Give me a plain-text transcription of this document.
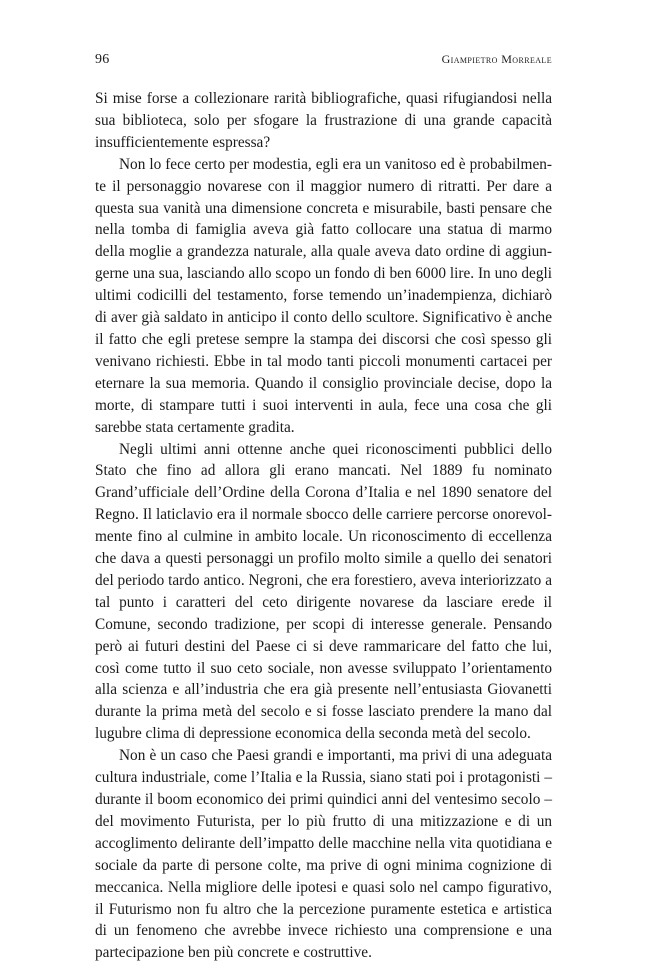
96	Giampietro Morreale

Si mise forse a collezionare rarità bibliografiche, quasi rifugiandosi nella sua biblioteca, solo per sfogare la frustrazione di una grande capacità insufficientemente espressa?

Non lo fece certo per modestia, egli era un vanitoso ed è probabilmente il personaggio novarese con il maggior numero di ritratti. Per dare a questa sua vanità una dimensione concreta e misurabile, basti pensare che nella tomba di famiglia aveva già fatto collocare una statua di marmo della moglie a grandezza naturale, alla quale aveva dato ordine di aggiungerne una sua, lasciando allo scopo un fondo di ben 6000 lire. In uno degli ultimi codicilli del testamento, forse temendo un’inadempienza, dichiarò di aver già saldato in anticipo il conto dello scultore. Significativo è anche il fatto che egli pretese sempre la stampa dei discorsi che così spesso gli venivano richiesti. Ebbe in tal modo tanti piccoli monumenti cartacei per eternare la sua memoria. Quando il consiglio provinciale decise, dopo la morte, di stampare tutti i suoi interventi in aula, fece una cosa che gli sarebbe stata certamente gradita.

Negli ultimi anni ottenne anche quei riconoscimenti pubblici dello Stato che fino ad allora gli erano mancati. Nel 1889 fu nominato Grand’ufficiale dell’Ordine della Corona d’Italia e nel 1890 senatore del Regno. Il laticlavio era il normale sbocco delle carriere percorse onorevolmente fino al culmine in ambito locale. Un riconoscimento di eccellenza che dava a questi personaggi un profilo molto simile a quello dei senatori del periodo tardo antico. Negroni, che era forestiero, aveva interiorizzato a tal punto i caratteri del ceto dirigente novarese da lasciare erede il Comune, secondo tradizione, per scopi di interesse generale. Pensando però ai futuri destini del Paese ci si deve rammaricare del fatto che lui, così come tutto il suo ceto sociale, non avesse sviluppato l’orientamento alla scienza e all’industria che era già presente nell’entusiasta Giovanetti durante la prima metà del secolo e si fosse lasciato prendere la mano dal lugubre clima di depressione economica della seconda metà del secolo.

Non è un caso che Paesi grandi e importanti, ma privi di una adeguata cultura industriale, come l’Italia e la Russia, siano stati poi i protagonisti – durante il boom economico dei primi quindici anni del ventesimo secolo – del movimento Futurista, per lo più frutto di una mitizzazione e di un accoglimento delirante dell’impatto delle macchine nella vita quotidiana e sociale da parte di persone colte, ma prive di ogni minima cognizione di meccanica. Nella migliore delle ipotesi e quasi solo nel campo figurativo, il Futurismo non fu altro che la percezione puramente estetica e artistica di un fenomeno che avrebbe invece richiesto una comprensione e una partecipazione ben più concrete e costruttive.
